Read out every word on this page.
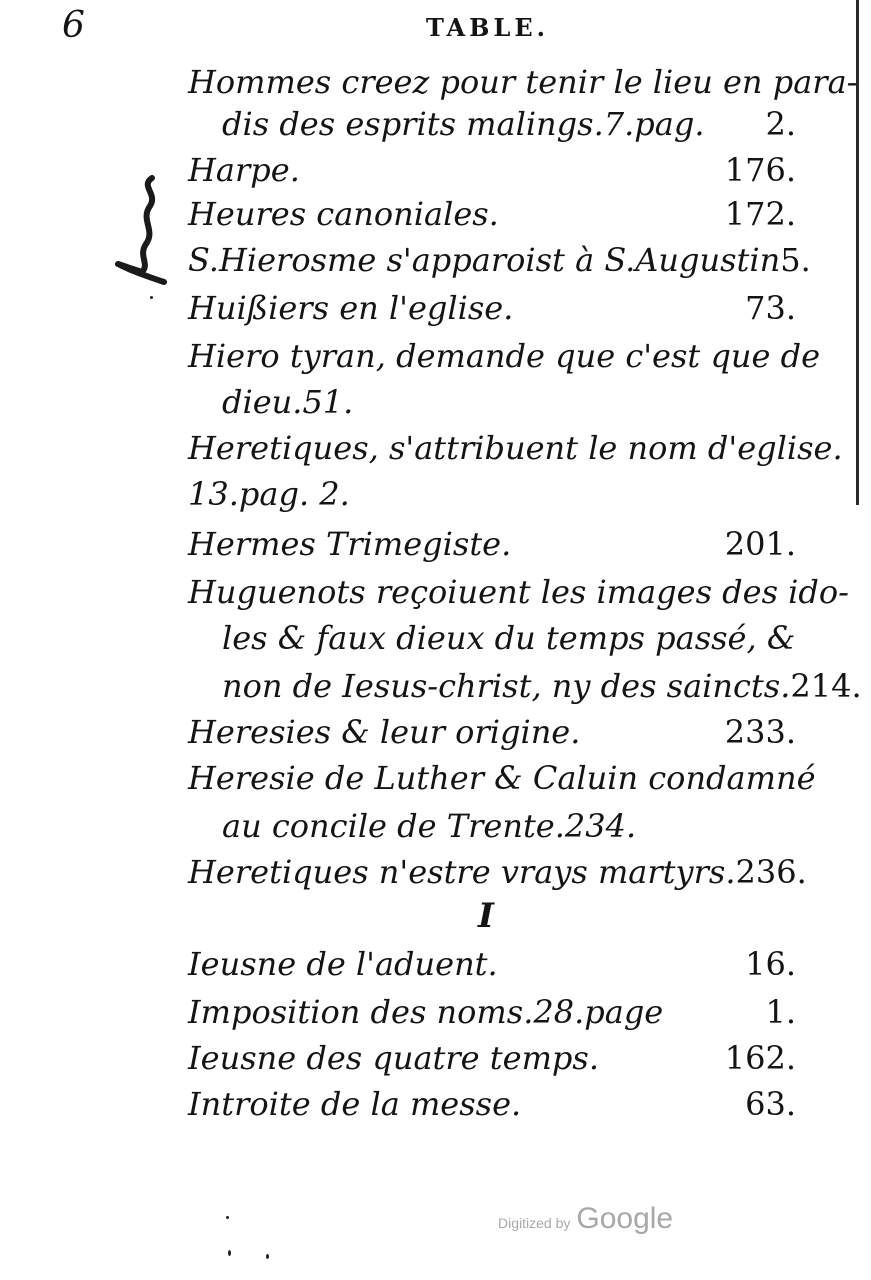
6	TABLE.
Hommes creez pour tenir le lieu en para-
dis des esprits malings.7.pag. 2.
Harpe.	176.
Heures canoniales.	172.
S.Hierosme s'apparoist à S.Augustin 5.
Huißiers en l'eglise.	73.
Hiero tyran, demande que c'est que de
dieu.51.
Heretiques, s'attribuent le nom d'eglise.
13.pag. 2.
Hermes Trimegiste.	201.
Huguenots reçoiuent les images des ido-
les & faux dieux du temps passé, &
non de Iesus-christ, ny des saincts. 214.
Heresies & leur origine.	233.
Heresie de Luther & Caluin condamné
au concile de Trente.234.
Heretiques n'estre vrays martyrs. 236.
I
Ieusne de l'aduent.	16.
Imposition des noms.28.page	1.
Ieusne des quatre temps.	162.
Introite de la messe.	63.
Digitized by Google
